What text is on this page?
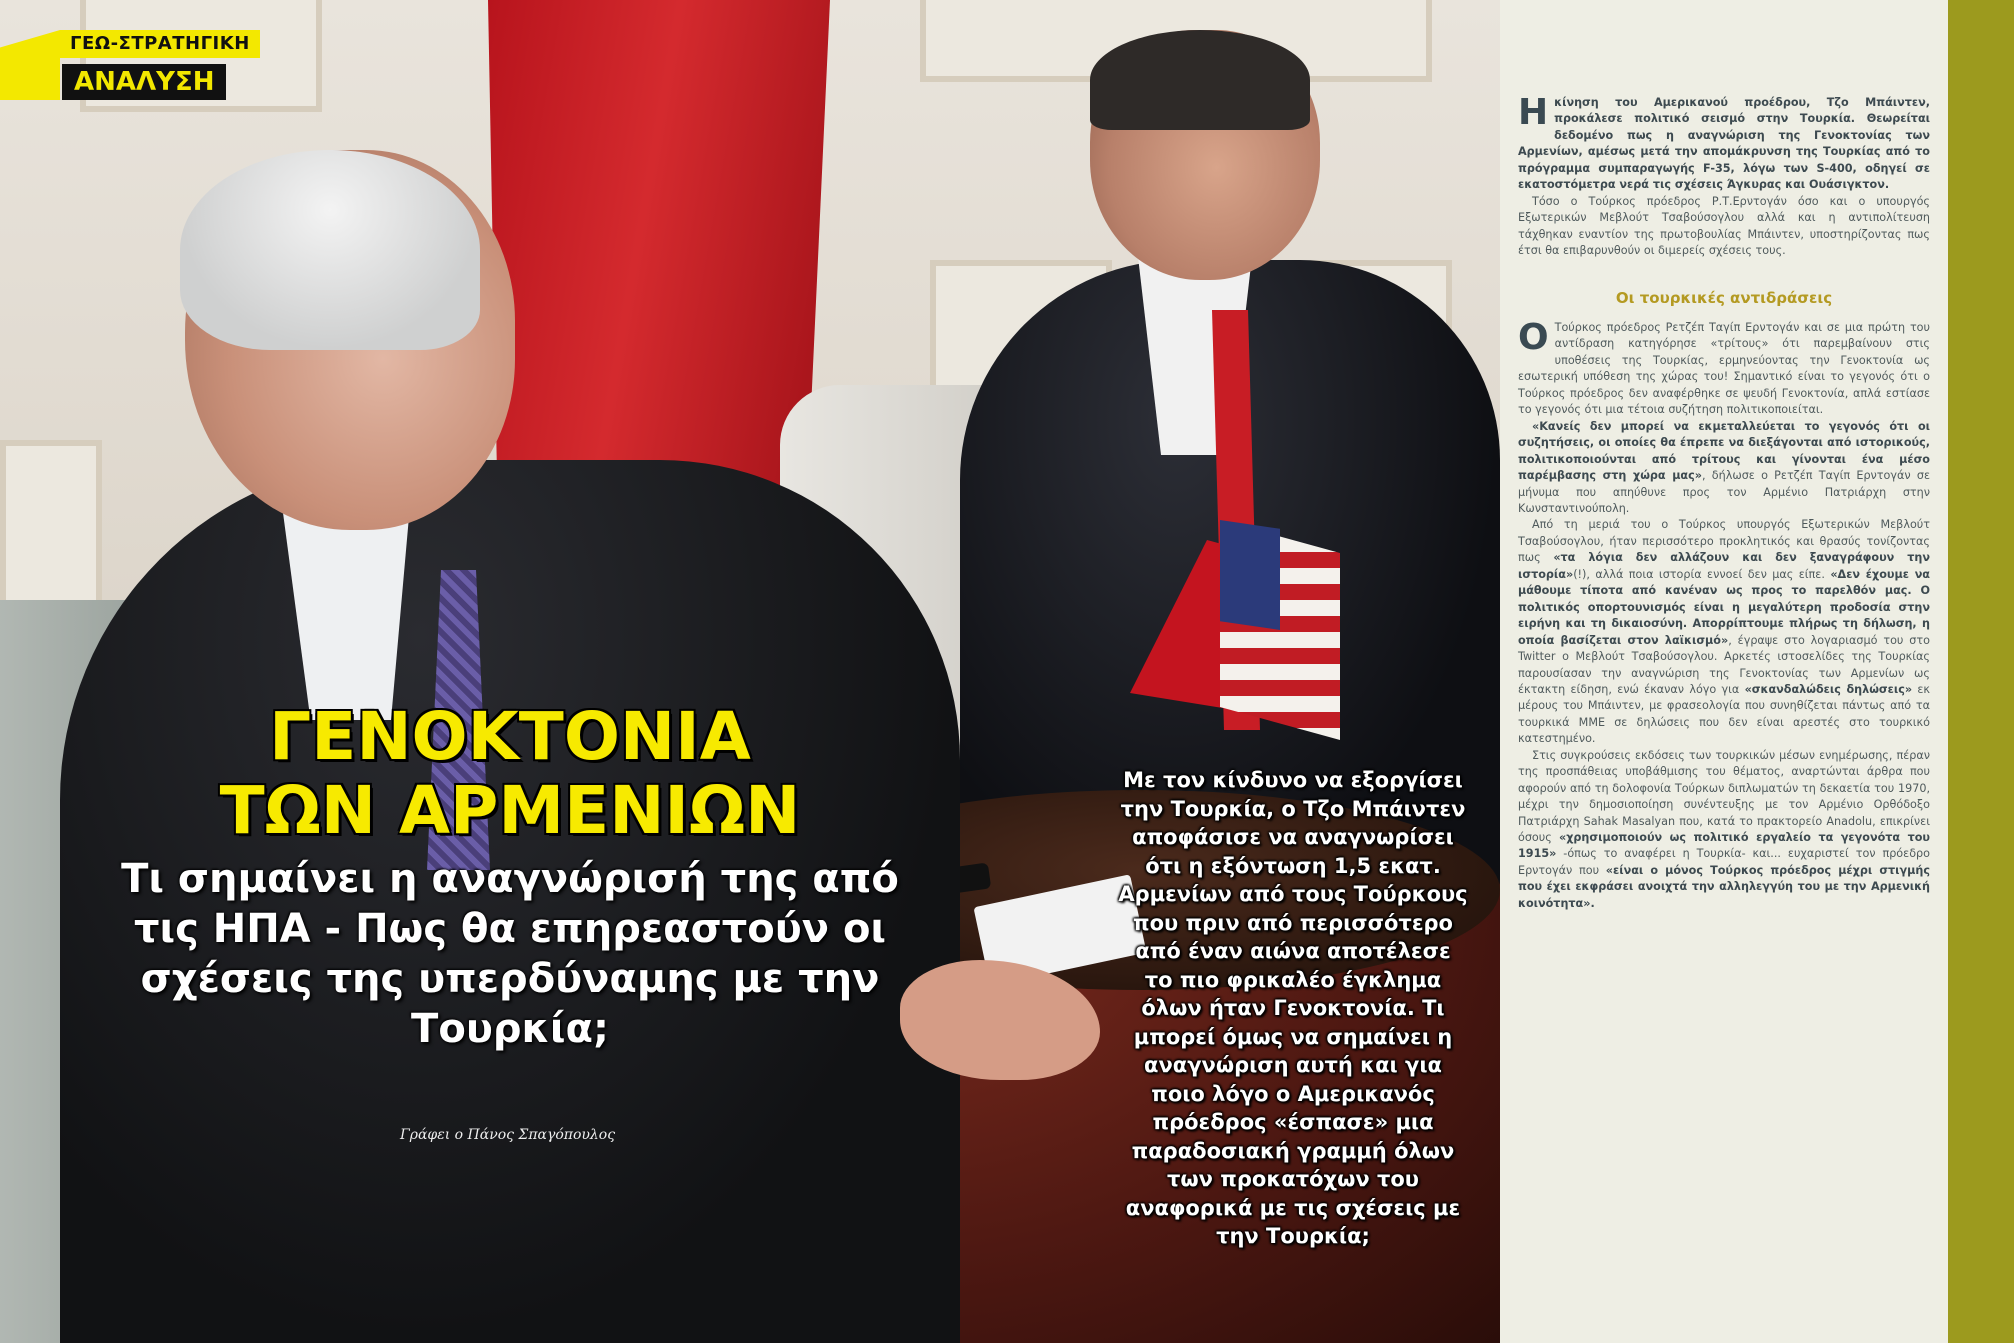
ΓΕΩ-ΣΤΡΑΤΗΓΙΚΗ
ΑΝΑΛΥΣΗ
ΓΕΝΟΚΤΟΝΙΑ
ΤΩΝ ΑΡΜΕΝΙΩΝ
Τι σημαίνει η αναγνώρισή της από τις ΗΠΑ - Πως θα επηρεαστούν οι σχέσεις της υπερδύναμης με την Τουρκία;
Γράφει ο Πάνος Σπαγόπουλος
Με τον κίνδυνο να εξοργίσει την Τουρκία, ο Τζο Μπάιντεν αποφάσισε να αναγνωρίσει ότι η εξόντωση 1,5 εκατ. Αρμενίων από τους Τούρκους που πριν από περισσότερο από έναν αιώνα αποτέλεσε το πιο φρικαλέο έγκλημα όλων ήταν Γενοκτονία. Τι μπορεί όμως να σημαίνει η αναγνώριση αυτή και για ποιο λόγο ο Αμερικανός πρόεδρος «έσπασε» μια παραδοσιακή γραμμή όλων των προκατόχων του αναφορικά με τις σχέσεις με την Τουρκία;

Η κίνηση του Αμερικανού προέδρου, Τζο Μπάιντεν, προκάλεσε πολιτικό σεισμό στην Τουρκία. Θεωρείται δεδομένο πως η αναγνώριση της Γενοκτονίας των Αρμενίων, αμέσως μετά την απομάκρυνση της Τουρκίας από το πρόγραμμα συμπαραγωγής F-35, λόγω των S-400, οδηγεί σε εκατοστόμετρα νερά τις σχέσεις Άγκυρας και Ουάσιγκτον.

Τόσο ο Τούρκος πρόεδρος Ρ.Τ.Ερντογάν όσο και ο υπουργός Εξωτερικών Μεβλούτ Τσαβούσογλου αλλά και η αντιπολίτευση τάχθηκαν εναντίον της πρωτοβουλίας Μπάιντεν, υποστηρίζοντας πως έτσι θα επιβαρυνθούν οι διμερείς σχέσεις τους.

Οι τουρκικές αντιδράσεις

Ο Τούρκος πρόεδρος Ρετζέπ Ταγίπ Ερντογάν και σε μια πρώτη του αντίδραση κατηγόρησε «τρίτους» ότι παρεμβαίνουν στις υποθέσεις της Τουρκίας, ερμηνεύοντας την Γενοκτονία ως εσωτερική υπόθεση της χώρας του! Σημαντικό είναι το γεγονός ότι ο Τούρκος πρόεδρος δεν αναφέρθηκε σε ψευδή Γενοκτονία, απλά εστίασε το γεγονός ότι μια τέτοια συζήτηση πολιτικοποιείται.

«Κανείς δεν μπορεί να εκμεταλλεύεται το γεγονός ότι οι συζητήσεις, οι οποίες θα έπρεπε να διεξάγονται από ιστορικούς, πολιτικοποιούνται από τρίτους και γίνονται ένα μέσο παρέμβασης στη χώρα μας», δήλωσε ο Ρετζέπ Ταγίπ Ερντογάν σε μήνυμα που απηύθυνε προς τον Αρμένιο Πατριάρχη στην Κωνσταντινούπολη.

Από τη μεριά του ο Τούρκος υπουργός Εξωτερικών Μεβλούτ Τσαβούσογλου, ήταν περισσότερο προκλητικός και θρασύς τονίζοντας πως «τα λόγια δεν αλλάζουν και δεν ξαναγράφουν την ιστορία»(!), αλλά ποια ιστορία εννοεί δεν μας είπε. «Δεν έχουμε να μάθουμε τίποτα από κανέναν ως προς το παρελθόν μας. Ο πολιτικός οπορτουνισμός είναι η μεγαλύτερη προδοσία στην ειρήνη και τη δικαιοσύνη. Απορρίπτουμε πλήρως τη δήλωση, η οποία βασίζεται στον λαϊκισμό», έγραψε στο λογαριασμό του στο Twitter ο Μεβλούτ Τσαβούσογλου. Αρκετές ιστοσελίδες της Τουρκίας παρουσίασαν την αναγνώριση της Γενοκτονίας των Αρμενίων ως έκτακτη είδηση, ενώ έκαναν λόγο για «σκανδαλώδεις δηλώσεις» εκ μέρους του Μπάιντεν, με φρασεολογία που συνηθίζεται πάντως από τα τουρκικά ΜΜΕ σε δηλώσεις που δεν είναι αρεστές στο τουρκικό κατεστημένο.

Στις συγκρούσεις εκδόσεις των τουρκικών μέσων ενημέρωσης, πέραν της προσπάθειας υποβάθμισης του θέματος, αναρτώνται άρθρα που αφορούν από τη δολοφονία Τούρκων διπλωματών τη δεκαετία του 1970, μέχρι την δημοσιοποίηση συνέντευξης με τον Αρμένιο Ορθόδοξο Πατριάρχη Sahak Masalyan που, κατά το πρακτορείο Anadolu, επικρίνει όσους «χρησιμοποιούν ως πολιτικό εργαλείο τα γεγονότα του 1915» -όπως το αναφέρει η Τουρκία- και... ευχαριστεί τον πρόεδρο Ερντογάν που «είναι ο μόνος Τούρκος πρόεδρος μέχρι στιγμής που έχει εκφράσει ανοιχτά την αλληλεγγύη του με την Αρμενική κοινότητα».
